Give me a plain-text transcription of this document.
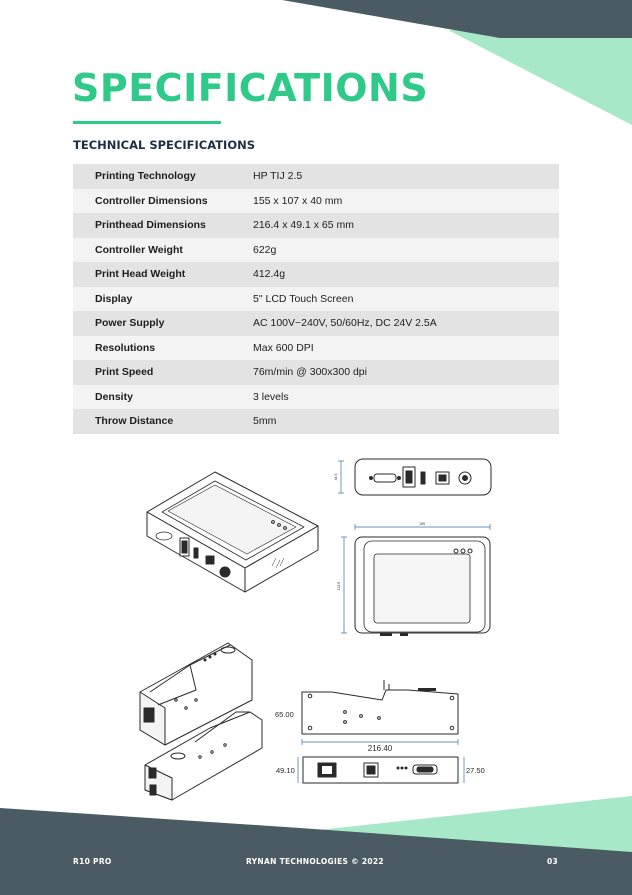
SPECIFICATIONS
TECHNICAL SPECIFICATIONS
Printing Technology	HP TIJ 2.5
Controller Dimensions	155 x 107 x 40 mm
Printhead Dimensions	216.4 x 49.1 x 65 mm
Controller Weight	622g
Print Head Weight	412.4g
Display	5" LCD Touch Screen
Power Supply	AC 100V~240V, 50/60Hz, DC 24V 2.5A
Resolutions	Max 600 DPI
Print Speed	76m/min @ 300x300 dpi
Density	3 levels
Throw Distance	5mm
44.6
155
113.6
216.40
65.00
49.10	27.50
R10 PRO	RYNAN TECHNOLOGIES © 2022	03
